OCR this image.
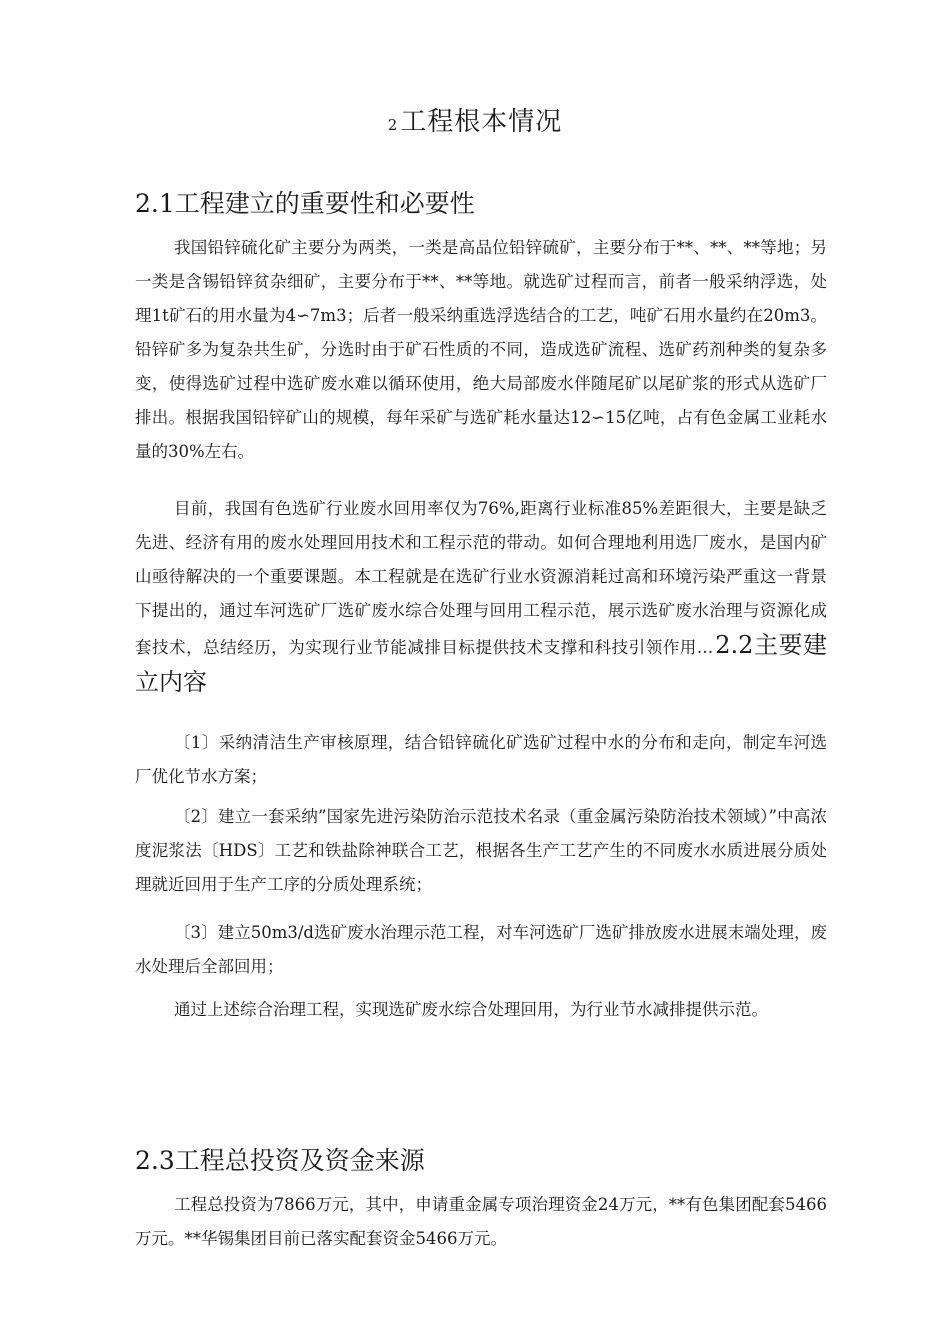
2工程根本情况
2.1工程建立的重要性和必要性

我国铅锌硫化矿主要分为两类，一类是高品位铅锌硫矿，主要分布于**、**、**等地；另一类是含锡铅锌贫杂细矿，主要分布于**、**等地。就选矿过程而言，前者一般采纳浮选，处理1t矿石的用水量为4∽7m3；后者一般采纳重选浮选结合的工艺，吨矿石用水量约在20m3。铅锌矿多为复杂共生矿，分选时由于矿石性质的不同，造成选矿流程、选矿药剂种类的复杂多变，使得选矿过程中选矿废水难以循环使用，绝大局部废水伴随尾矿以尾矿浆的形式从选矿厂排出。根据我国铅锌矿山的规模，每年采矿与选矿耗水量达12∽15亿吨，占有色金属工业耗水量的30%左右。

目前，我国有色选矿行业废水回用率仅为76%,距离行业标准85%差距很大，主要是缺乏先进、经济有用的废水处理回用技术和工程示范的带动。如何合理地利用选厂废水，是国内矿山亟待解决的一个重要课题。本工程就是在选矿行业水资源消耗过高和环境污染严重这一背景下提出的，通过车河选矿厂选矿废水综合处理与回用工程示范，展示选矿废水治理与资源化成套技术，总结经历，为实现行业节能减排目标提供技术支撑和科技引领作用…2.2主要建立内容

〔1〕采纳清洁生产审核原理，结合铅锌硫化矿选矿过程中水的分布和走向，制定车河选厂优化节水方案；

〔2〕建立一套采纳”国家先进污染防治示范技术名录（重金属污染防治技术领域）”中高浓度泥浆法〔HDS〕工艺和铁盐除神联合工艺，根据各生产工艺产生的不同废水水质进展分质处理就近回用于生产工序的分质处理系统；

〔3〕建立50m3/d选矿废水治理示范工程，对车河选矿厂选矿排放废水进展末端处理，废水处理后全部回用；

通过上述综合治理工程，实现选矿废水综合处理回用，为行业节水减排提供示范。

2.3工程总投资及资金来源

工程总投资为7866万元，其中，申请重金属专项治理资金24万元，**有色集团配套5466万元。**华锡集团目前已落实配套资金5466万元。
